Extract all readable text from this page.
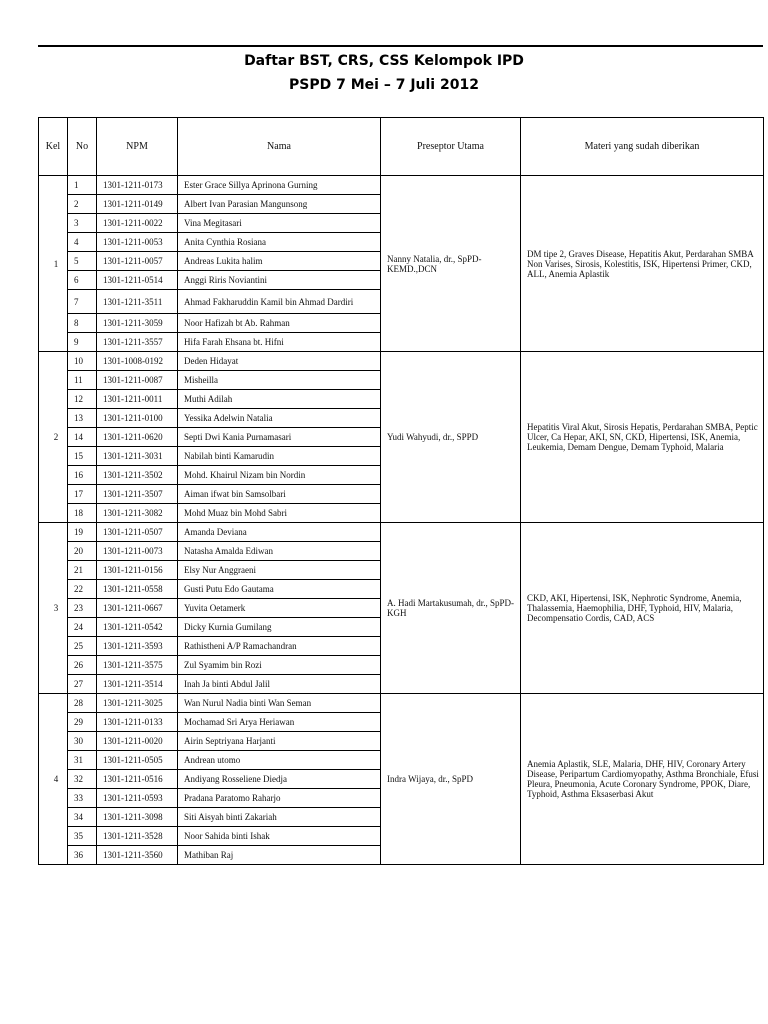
Daftar BST, CRS, CSS Kelompok IPD
PSPD 7 Mei – 7 Juli 2012
Kel	No	NPM	Nama	Preseptor Utama	Materi yang sudah diberikan
1	1	1301-1211-0173	Ester Grace Sillya Aprinona Gurning	Nanny Natalia, dr., SpPD-KEMD.,DCN	DM tipe 2, Graves Disease, Hepatitis Akut, Perdarahan SMBA Non Varises, Sirosis, Kolestitis, ISK, Hipertensi Primer, CKD, ALL, Anemia Aplastik
	2	1301-1211-0149	Albert Ivan Parasian Mangunsong		
	3	1301-1211-0022	Vina Megitasari		
	4	1301-1211-0053	Anita Cynthia Rosiana		
	5	1301-1211-0057	Andreas Lukita halim		
	6	1301-1211-0514	Anggi Riris Noviantini		
	7	1301-1211-3511	Ahmad Fakharuddin Kamil bin Ahmad Dardiri		
	8	1301-1211-3059	Noor Hafizah bt Ab. Rahman		
	9	1301-1211-3557	Hifa Farah Ehsana bt. Hifni		
2	10	1301-1008-0192	Deden Hidayat	Yudi Wahyudi, dr., SPPD	Hepatitis Viral Akut, Sirosis Hepatis, Perdarahan SMBA, Peptic Ulcer, Ca Hepar, AKI, SN, CKD, Hipertensi, ISK, Anemia, Leukemia, Demam Dengue, Demam Typhoid, Malaria
	11	1301-1211-0087	Misheilla		
	12	1301-1211-0011	Muthi Adilah		
	13	1301-1211-0100	Yessika Adelwin Natalia		
	14	1301-1211-0620	Septi Dwi Kania Purnamasari		
	15	1301-1211-3031	Nabilah binti Kamarudin		
	16	1301-1211-3502	Mohd. Khairul Nizam bin Nordin		
	17	1301-1211-3507	Aiman ifwat bin Samsolbari		
	18	1301-1211-3082	Mohd Muaz bin Mohd Sabri		
3	19	1301-1211-0507	Amanda Deviana	A. Hadi Martakusumah, dr., SpPD-KGH	CKD, AKI, Hipertensi, ISK, Nephrotic Syndrome, Anemia, Thalassemia, Haemophilia, DHF, Typhoid, HIV, Malaria, Decompensatio Cordis, CAD, ACS
	20	1301-1211-0073	Natasha Amalda Ediwan		
	21	1301-1211-0156	Elsy Nur Anggraeni		
	22	1301-1211-0558	Gusti Putu Edo Gautama		
	23	1301-1211-0667	Yuvita Oetamerk		
	24	1301-1211-0542	Dicky Kurnia Gumilang		
	25	1301-1211-3593	Rathistheni A/P Ramachandran		
	26	1301-1211-3575	Zul Syamim bin Rozi		
	27	1301-1211-3514	Inah Ja binti Abdul Jalil		
4	28	1301-1211-3025	Wan Nurul Nadia binti Wan Seman	Indra Wijaya, dr., SpPD	Anemia Aplastik, SLE, Malaria, DHF, HIV, Coronary Artery Disease, Peripartum Cardiomyopathy, Asthma Bronchiale, Efusi Pleura, Pneumonia, Acute Coronary Syndrome, PPOK, Diare, Typhoid, Asthma Eksaserbasi Akut
	29	1301-1211-0133	Mochamad Sri Arya Heriawan		
	30	1301-1211-0020	Airin Septriyana Harjanti		
	31	1301-1211-0505	Andrean utomo		
	32	1301-1211-0516	Andiyang Rosseliene Diedja		
	33	1301-1211-0593	Pradana Paratomo Raharjo		
	34	1301-1211-3098	Siti Aisyah binti Zakariah		
	35	1301-1211-3528	Noor Sahida binti Ishak		
	36	1301-1211-3560	Mathiban Raj		
